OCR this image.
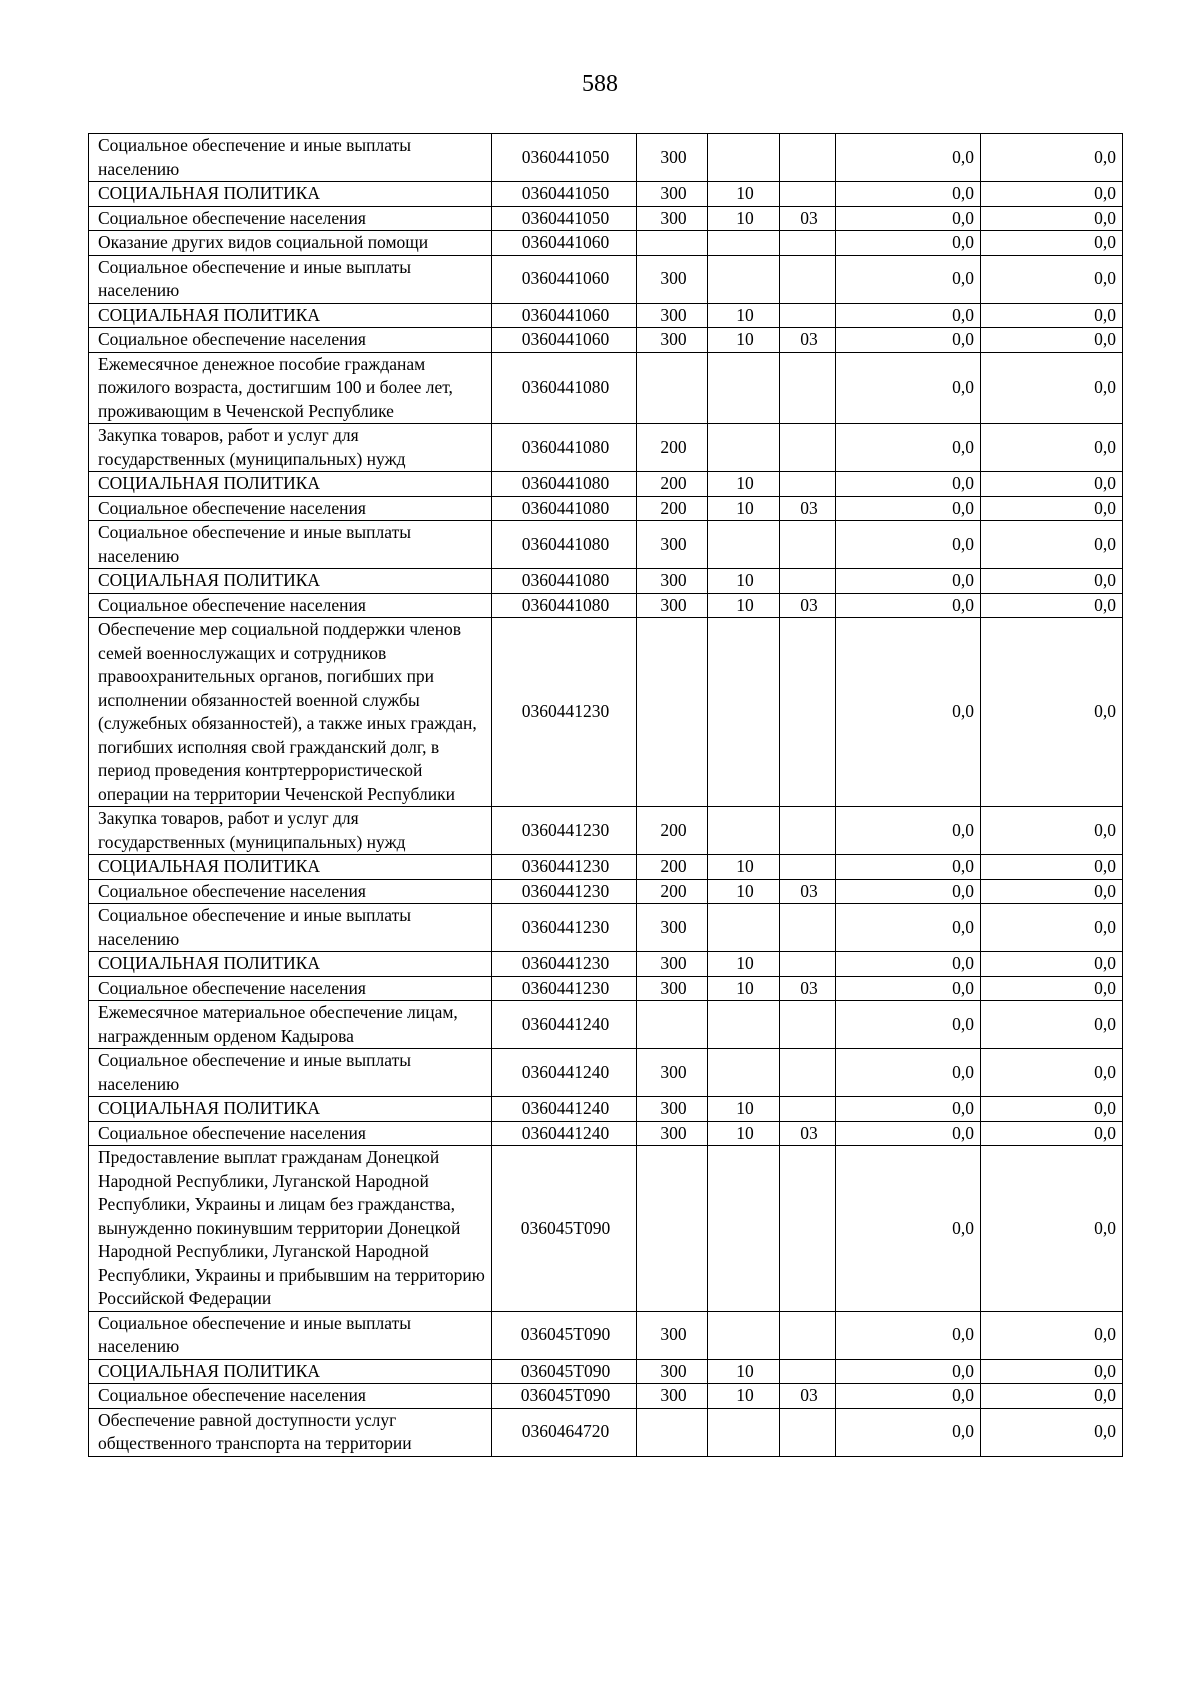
588
Социальное обеспечение и иные выплаты населению	0360441050	300			0,0	0,0
СОЦИАЛЬНАЯ ПОЛИТИКА	0360441050	300	10		0,0	0,0
Социальное обеспечение населения	0360441050	300	10	03	0,0	0,0
Оказание других видов социальной помощи	0360441060				0,0	0,0
Социальное обеспечение и иные выплаты населению	0360441060	300			0,0	0,0
СОЦИАЛЬНАЯ ПОЛИТИКА	0360441060	300	10		0,0	0,0
Социальное обеспечение населения	0360441060	300	10	03	0,0	0,0
Ежемесячное денежное пособие гражданам пожилого возраста, достигшим 100 и более лет, проживающим в Чеченской Республике	0360441080				0,0	0,0
Закупка товаров, работ и услуг для государственных (муниципальных) нужд	0360441080	200			0,0	0,0
СОЦИАЛЬНАЯ ПОЛИТИКА	0360441080	200	10		0,0	0,0
Социальное обеспечение населения	0360441080	200	10	03	0,0	0,0
Социальное обеспечение и иные выплаты населению	0360441080	300			0,0	0,0
СОЦИАЛЬНАЯ ПОЛИТИКА	0360441080	300	10		0,0	0,0
Социальное обеспечение населения	0360441080	300	10	03	0,0	0,0
Обеспечение мер социальной поддержки членов семей военнослужащих и сотрудников правоохранительных органов, погибших при исполнении обязанностей военной службы (служебных обязанностей), а также иных граждан, погибших исполняя свой гражданский долг, в период проведения контртеррористической операции на территории Чеченской Республики	0360441230				0,0	0,0
Закупка товаров, работ и услуг для государственных (муниципальных) нужд	0360441230	200			0,0	0,0
СОЦИАЛЬНАЯ ПОЛИТИКА	0360441230	200	10		0,0	0,0
Социальное обеспечение населения	0360441230	200	10	03	0,0	0,0
Социальное обеспечение и иные выплаты населению	0360441230	300			0,0	0,0
СОЦИАЛЬНАЯ ПОЛИТИКА	0360441230	300	10		0,0	0,0
Социальное обеспечение населения	0360441230	300	10	03	0,0	0,0
Ежемесячное материальное обеспечение лицам, награжденным орденом Кадырова	0360441240				0,0	0,0
Социальное обеспечение и иные выплаты населению	0360441240	300			0,0	0,0
СОЦИАЛЬНАЯ ПОЛИТИКА	0360441240	300	10		0,0	0,0
Социальное обеспечение населения	0360441240	300	10	03	0,0	0,0
Предоставление выплат гражданам Донецкой Народной Республики, Луганской Народной Республики, Украины и лицам без гражданства, вынужденно покинувшим территории Донецкой Народной Республики, Луганской Народной Республики, Украины и прибывшим на территорию Российской Федерации	036045Т090				0,0	0,0
Социальное обеспечение и иные выплаты населению	036045Т090	300			0,0	0,0
СОЦИАЛЬНАЯ ПОЛИТИКА	036045Т090	300	10		0,0	0,0
Социальное обеспечение населения	036045Т090	300	10	03	0,0	0,0
Обеспечение равной доступности услуг общественного транспорта на территории	0360464720				0,0	0,0
